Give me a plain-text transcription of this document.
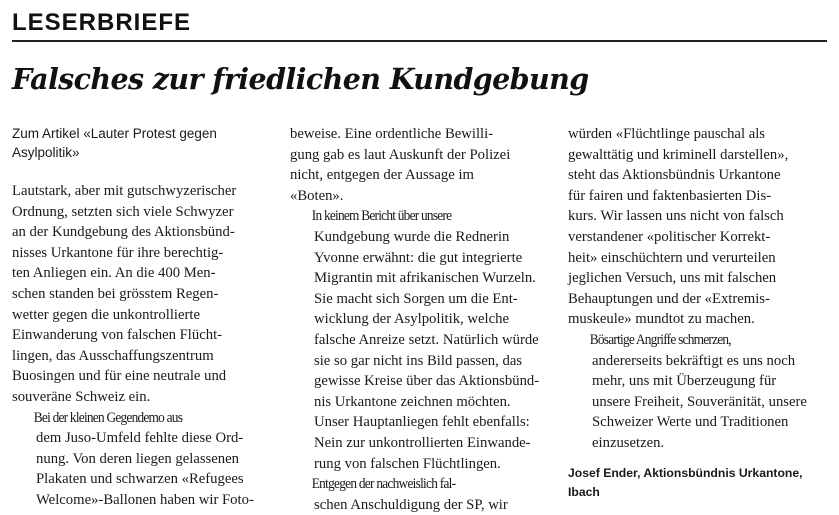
LESERBRIEFE
Falsches zur friedlichen Kundgebung
Zum Artikel «Lauter Protest gegen
Asylpolitik»

Lautstark, aber mit gutschwyzerischer
Ordnung, setzten sich viele Schwyzer
an der Kundgebung des Aktionsbünd-
nisses Urkantone für ihre berechtig-
ten Anliegen ein. An die 400 Men-
schen standen bei grösstem Regen-
wetter gegen die unkontrollierte
Einwanderung von falschen Flücht-
lingen, das Ausschaffungszentrum
Buosingen und für eine neutrale und
souveräne Schweiz ein.

Bei der kleinen Gegendemo aus
dem Juso-Umfeld fehlte diese Ord-
nung. Von deren liegen gelassenen
Plakaten und schwarzen «Refugees
Welcome»-Ballonen haben wir Foto-

beweise. Eine ordentliche Bewilli-
gung gab es laut Auskunft der Polizei
nicht, entgegen der Aussage im
«Boten».

In keinem Bericht über unsere
Kundgebung wurde die Rednerin
Yvonne erwähnt: die gut integrierte
Migrantin mit afrikanischen Wurzeln.
Sie macht sich Sorgen um die Ent-
wicklung der Asylpolitik, welche
falsche Anreize setzt. Natürlich würde
sie so gar nicht ins Bild passen, das
gewisse Kreise über das Aktionsbünd-
nis Urkantone zeichnen möchten.
Unser Hauptanliegen fehlt ebenfalls:
Nein zur unkontrollierten Einwande-
rung von falschen Flüchtlingen.

Entgegen der nachweislich fal-
schen Anschuldigung der SP, wir

würden «Flüchtlinge pauschal als
gewalttätig und kriminell darstellen»,
steht das Aktionsbündnis Urkantone
für fairen und faktenbasierten Dis-
kurs. Wir lassen uns nicht von falsch
verstandener «politischer Korrekt-
heit» einschüchtern und verurteilen
jeglichen Versuch, uns mit falschen
Behauptungen und der «Extremis-
muskeule» mundtot zu machen.

Bösartige Angriffe schmerzen,
andererseits bekräftigt es uns noch
mehr, uns mit Überzeugung für
unsere Freiheit, Souveränität, unsere
Schweizer Werte und Traditionen
einzusetzen.

Josef Ender, Aktionsbündnis Urkantone,
Ibach
